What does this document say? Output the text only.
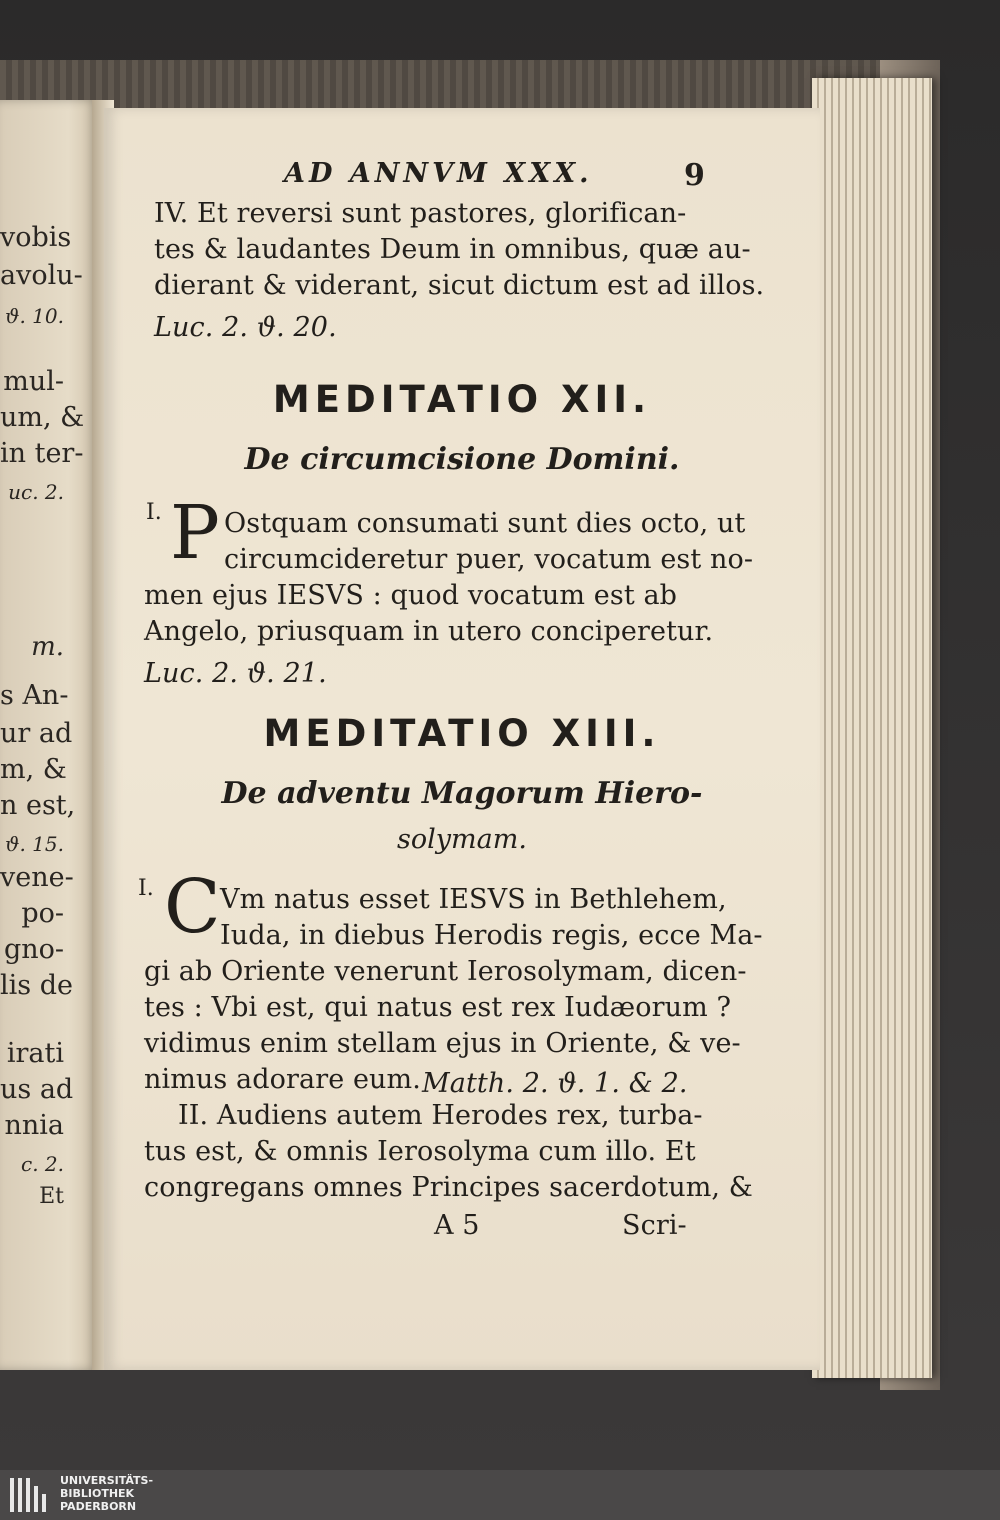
vobis
avolu-
ϑ. 10.
mul-
um, &
in ter-
uc. 2.
m.
s An-
ur ad
m, &
n est,
ϑ. 15.
vene-
po-
gno-
lis de
irati
us ad
nnia
c. 2.
Et
AD ANNVM XXX.	9
IV. Et reversi sunt pastores, glorifican-
tes & laudantes Deum in omnibus, quæ au-
dierant & viderant, sicut dictum est ad illos.
Luc. 2. ϑ. 20.
MEDITATIO XII.
De circumcisione Domini.
I. P Ostquam consumati sunt dies octo, ut
circumcideretur puer, vocatum est no-
men ejus IESVS : quod vocatum est ab
Angelo, priusquam in utero conciperetur.
Luc. 2. ϑ. 21.
MEDITATIO XIII.
De adventu Magorum Hiero-
solymam.
I. C Vm natus esset IESVS in Bethlehem,
Iuda, in diebus Herodis regis, ecce Ma-
gi ab Oriente venerunt Ierosolymam, dicen-
tes : Vbi est, qui natus est rex Iudæorum ?
vidimus enim stellam ejus in Oriente, & ve-
nimus adorare eum. Matth. 2. ϑ. 1. & 2.
II. Audiens autem Herodes rex, turba-
tus est, & omnis Ierosolyma cum illo. Et
congregans omnes Principes sacerdotum, &
A 5	Scri-
UNIVERSITÄTS-
BIBLIOTHEK
PADERBORN
